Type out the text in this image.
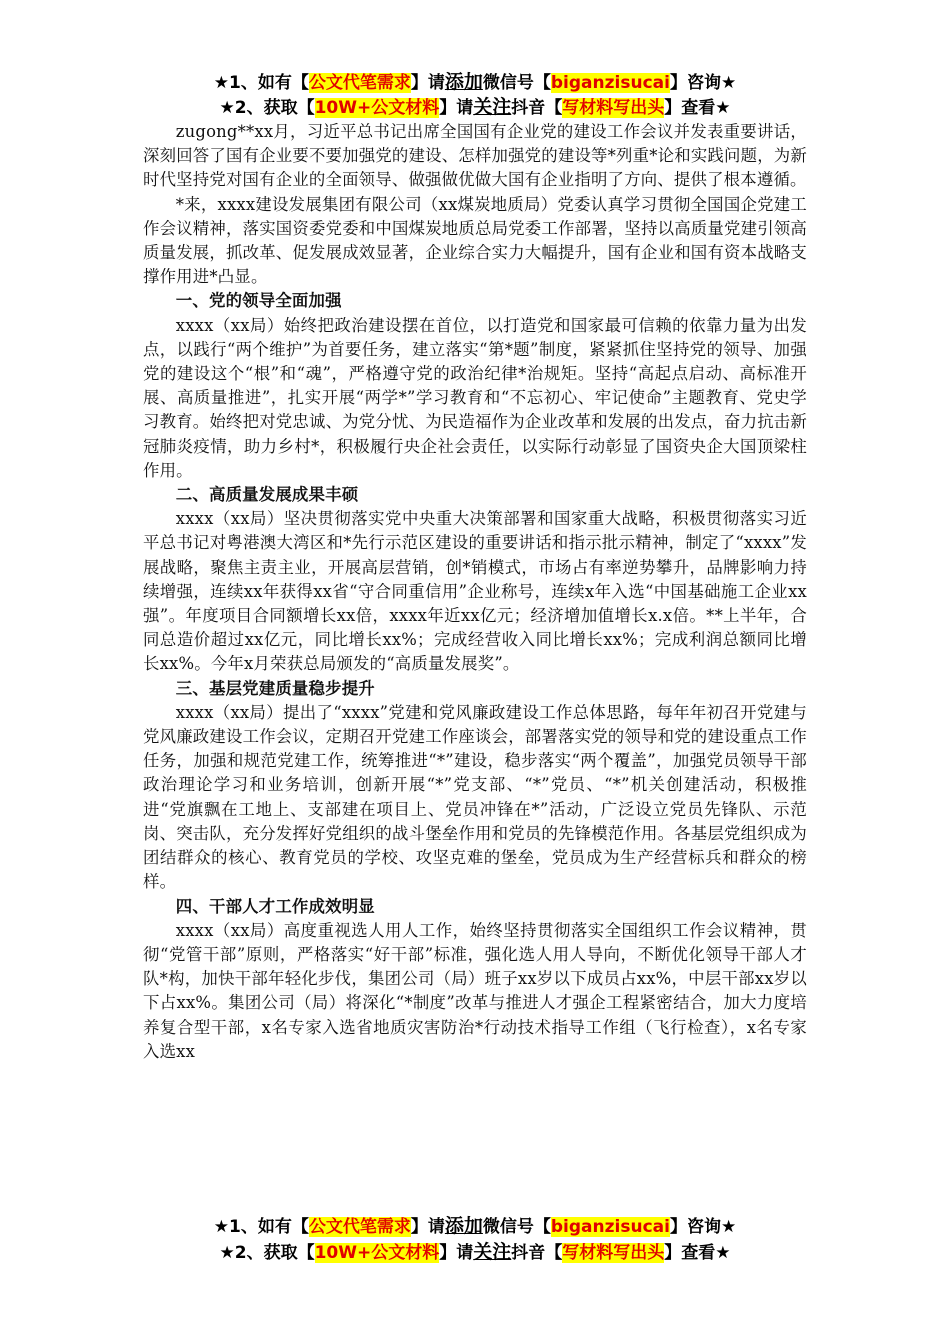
★1、如有【公文代笔需求】请添加微信号【biganzisucai】咨询★
★2、获取【10W+公文材料】请关注抖音【写材料写出头】查看★

zugong**xx月，习近平总书记出席全国国有企业党的建设工作会议并发表重要讲话，深刻回答了国有企业要不要加强党的建设、怎样加强党的建设等*列重*论和实践问题，为新时代坚持党对国有企业的全面领导、做强做优做大国有企业指明了方向、提供了根本遵循。

*来，xxxx建设发展集团有限公司（xx煤炭地质局）党委认真学习贯彻全国国企党建工作会议精神，落实国资委党委和中国煤炭地质总局党委工作部署，坚持以高质量党建引领高质量发展，抓改革、促发展成效显著，企业综合实力大幅提升，国有企业和国有资本战略支撑作用进*凸显。

一、党的领导全面加强

xxxx（xx局）始终把政治建设摆在首位，以打造党和国家最可信赖的依靠力量为出发点，以践行“两个维护”为首要任务，建立落实“第*题”制度，紧紧抓住坚持党的领导、加强党的建设这个“根”和“魂”，严格遵守党的政治纪律*治规矩。坚持“高起点启动、高标准开展、高质量推进”，扎实开展“两学*”学习教育和“不忘初心、牢记使命”主题教育、党史学习教育。始终把对党忠诚、为党分忧、为民造福作为企业改革和发展的出发点，奋力抗击新冠肺炎疫情，助力乡村*，积极履行央企社会责任，以实际行动彰显了国资央企大国顶梁柱作用。

二、高质量发展成果丰硕

xxxx（xx局）坚决贯彻落实党中央重大决策部署和国家重大战略，积极贯彻落实习近平总书记对粤港澳大湾区和*先行示范区建设的重要讲话和指示批示精神，制定了“xxxx”发展战略，聚焦主责主业，开展高层营销，创*销模式，市场占有率逆势攀升，品牌影响力持续增强，连续xx年获得xx省“守合同重信用”企业称号，连续x年入选“中国基础施工企业xx强”。年度项目合同额增长xx倍，xxxx年近xx亿元；经济增加值增长x.x倍。**上半年，合同总造价超过xx亿元，同比增长xx%；完成经营收入同比增长xx%；完成利润总额同比增长xx%。今年x月荣获总局颁发的“高质量发展奖”。

三、基层党建质量稳步提升

xxxx（xx局）提出了“xxxx”党建和党风廉政建设工作总体思路，每年年初召开党建与党风廉政建设工作会议，定期召开党建工作座谈会，部署落实党的领导和党的建设重点工作任务，加强和规范党建工作，统筹推进“*”建设，稳步落实“两个覆盖”，加强党员领导干部政治理论学习和业务培训，创新开展“*”党支部、“*”党员、“*”机关创建活动，积极推进“党旗飘在工地上、支部建在项目上、党员冲锋在*”活动，广泛设立党员先锋队、示范岗、突击队，充分发挥好党组织的战斗堡垒作用和党员的先锋模范作用。各基层党组织成为团结群众的核心、教育党员的学校、攻坚克难的堡垒，党员成为生产经营标兵和群众的榜样。

四、干部人才工作成效明显

xxxx（xx局）高度重视选人用人工作，始终坚持贯彻落实全国组织工作会议精神，贯彻“党管干部”原则，严格落实“好干部”标准，强化选人用人导向，不断优化领导干部人才队*构，加快干部年轻化步伐，集团公司（局）班子xx岁以下成员占xx%，中层干部xx岁以下占xx%。集团公司（局）将深化“*制度”改革与推进人才强企工程紧密结合，加大力度培养复合型干部，x名专家入选省地质灾害防治*行动技术指导工作组（飞行检查），x名专家入选xx

★1、如有【公文代笔需求】请添加微信号【biganzisucai】咨询★
★2、获取【10W+公文材料】请关注抖音【写材料写出头】查看★
